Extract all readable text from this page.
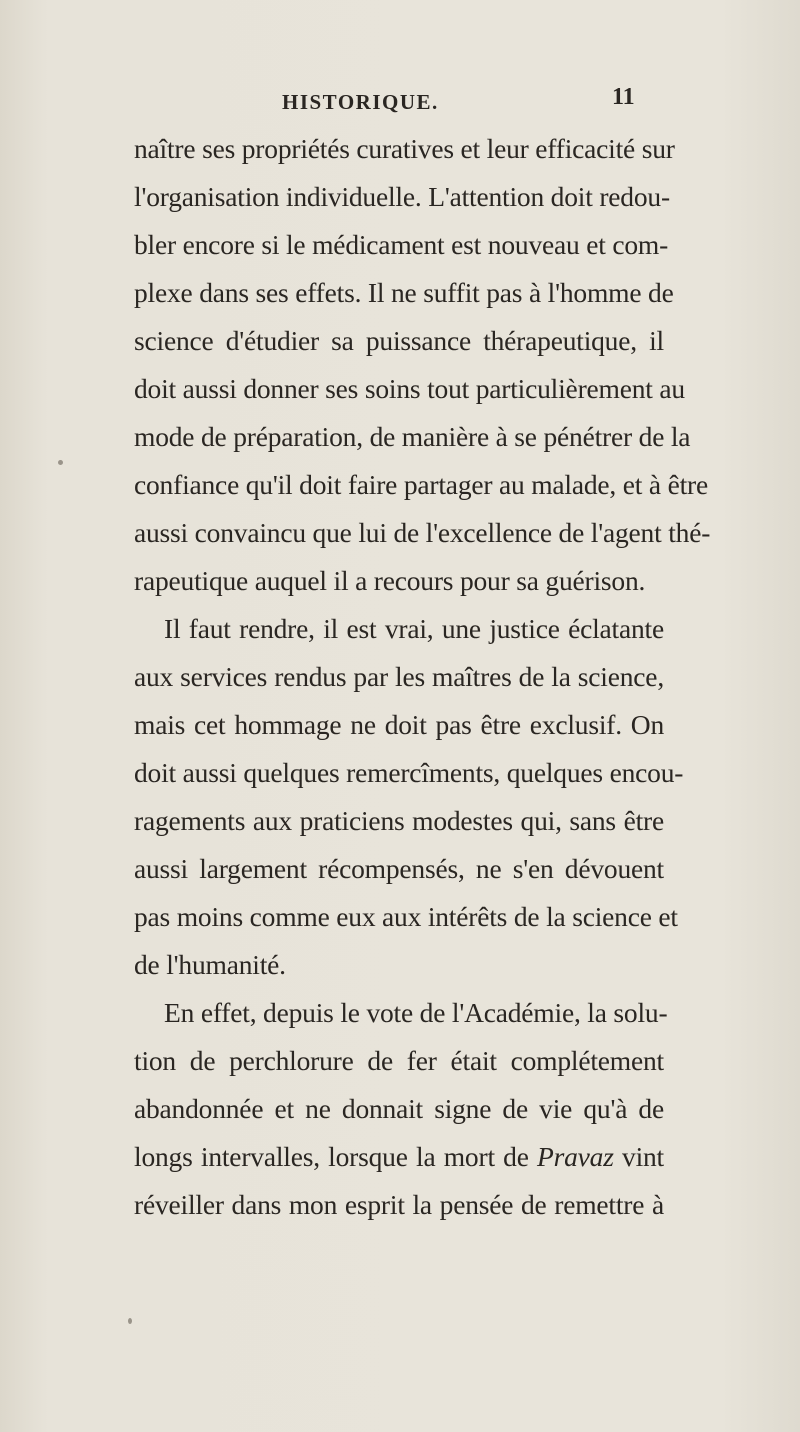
HISTORIQUE.	11
naître ses propriétés curatives et leur efficacité sur
l'organisation individuelle. L'attention doit redou-
bler encore si le médicament est nouveau et com-
plexe dans ses effets. Il ne suffit pas à l'homme de
science d'étudier sa puissance thérapeutique, il
doit aussi donner ses soins tout particulièrement au
mode de préparation, de manière à se pénétrer de la
confiance qu'il doit faire partager au malade, et à être
aussi convaincu que lui de l'excellence de l'agent thé-
rapeutique auquel il a recours pour sa guérison.
Il faut rendre, il est vrai, une justice éclatante
aux services rendus par les maîtres de la science,
mais cet hommage ne doit pas être exclusif. On
doit aussi quelques remercîments, quelques encou-
ragements aux praticiens modestes qui, sans être
aussi largement récompensés, ne s'en dévouent
pas moins comme eux aux intérêts de la science et
de l'humanité.
En effet, depuis le vote de l'Académie, la solu-
tion de perchlorure de fer était complétement
abandonnée et ne donnait signe de vie qu'à de
longs intervalles, lorsque la mort de Pravaz vint
réveiller dans mon esprit la pensée de remettre à
